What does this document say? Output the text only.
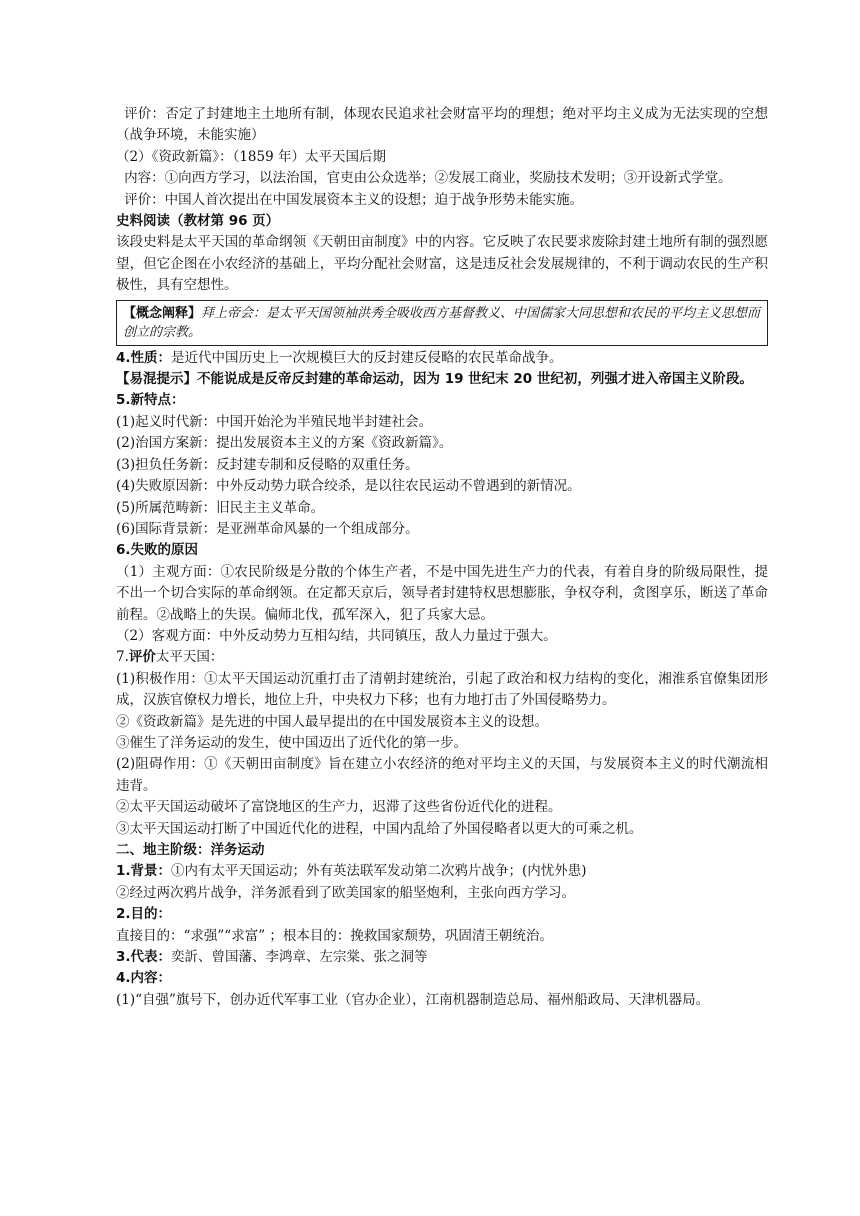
评价：否定了封建地主土地所有制，体现农民追求社会财富平均的理想；绝对平均主义成为无法实现的空想（战争环境，未能实施）

（2）《资政新篇》：（1859 年）太平天国后期

内容：①向西方学习，以法治国，官吏由公众选举；②发展工商业，奖励技术发明；③开设新式学堂。

评价：中国人首次提出在中国发展资本主义的设想；迫于战争形势未能实施。

史料阅读（教材第 96 页）

该段史料是太平天国的革命纲领《天朝田亩制度》中的内容。它反映了农民要求废除封建土地所有制的强烈愿望，但它企图在小农经济的基础上，平均分配社会财富，这是违反社会发展规律的，不利于调动农民的生产积极性，具有空想性。

【概念阐释】拜上帝会：是太平天国领袖洪秀全吸收西方基督教义、中国儒家大同思想和农民的平均主义思想而创立的宗教。

4.性质：是近代中国历史上一次规模巨大的反封建反侵略的农民革命战争。

【易混提示】不能说成是反帝反封建的革命运动，因为 19 世纪末 20 世纪初，列强才进入帝国主义阶段。

5.新特点：

(1)起义时代新：中国开始沦为半殖民地半封建社会。

(2)治国方案新：提出发展资本主义的方案《资政新篇》。

(3)担负任务新：反封建专制和反侵略的双重任务。

(4)失败原因新：中外反动势力联合绞杀，是以往农民运动不曾遇到的新情况。

(5)所属范畴新：旧民主主义革命。

(6)国际背景新：是亚洲革命风暴的一个组成部分。

6.失败的原因

（1）主观方面：①农民阶级是分散的个体生产者，不是中国先进生产力的代表，有着自身的阶级局限性，提不出一个切合实际的革命纲领。在定都天京后，领导者封建特权思想膨胀，争权夺利，贪图享乐，断送了革命前程。②战略上的失误。偏师北伐，孤军深入，犯了兵家大忌。

（2）客观方面：中外反动势力互相勾结，共同镇压，敌人力量过于强大。

7.评价太平天国：

(1)积极作用：①太平天国运动沉重打击了清朝封建统治，引起了政治和权力结构的变化，湘淮系官僚集团形成，汉族官僚权力增长，地位上升，中央权力下移；也有力地打击了外国侵略势力。

②《资政新篇》是先进的中国人最早提出的在中国发展资本主义的设想。

③催生了洋务运动的发生，使中国迈出了近代化的第一步。

(2)阻碍作用：①《天朝田亩制度》旨在建立小农经济的绝对平均主义的天国，与发展资本主义的时代潮流相违背。

②太平天国运动破坏了富饶地区的生产力，迟滞了这些省份近代化的进程。

③太平天国运动打断了中国近代化的进程，中国内乱给了外国侵略者以更大的可乘之机。

二、地主阶级：洋务运动

1.背景：①内有太平天国运动；外有英法联军发动第二次鸦片战争；(内忧外患)

②经过两次鸦片战争，洋务派看到了欧美国家的船坚炮利，主张向西方学习。

2.目的：

直接目的：“求强”“求富” ；根本目的：挽救国家颓势，巩固清王朝统治。

3.代表：奕訢、曾国藩、李鸿章、左宗棠、张之洞等

4.内容：

(1)“自强”旗号下，创办近代军事工业（官办企业），江南机器制造总局、福州船政局、天津机器局。
